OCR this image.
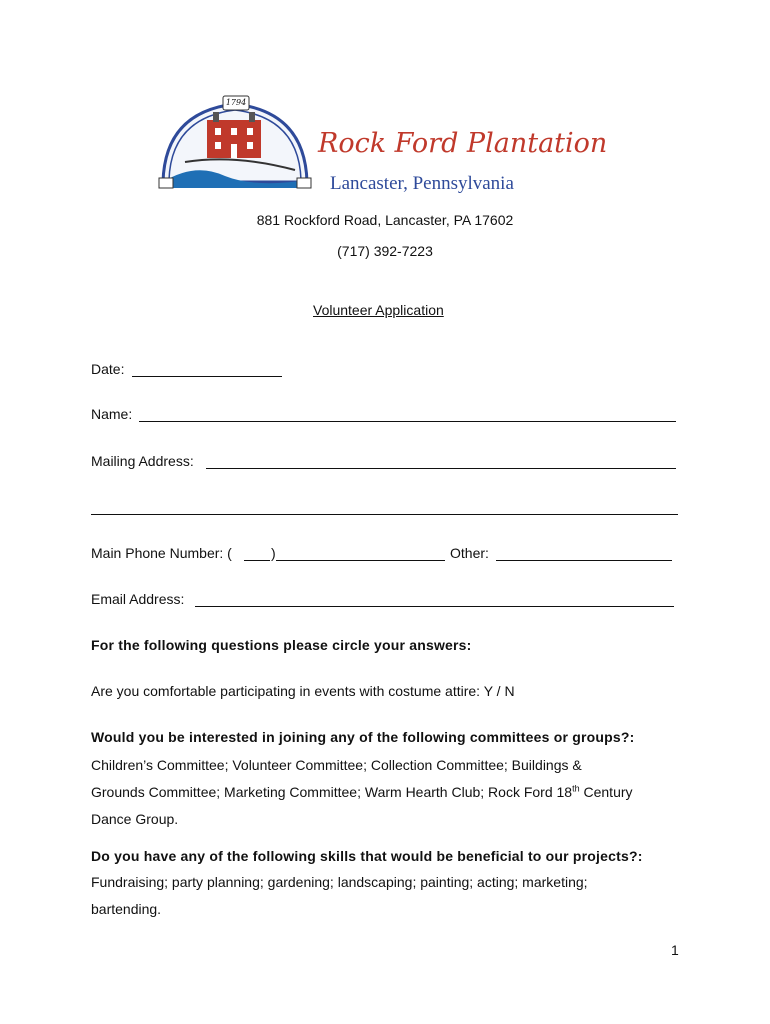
1794
Rock Ford Plantation
Lancaster, Pennsylvania
881 Rockford Road, Lancaster, PA 17602
(717) 392-7223
Volunteer Application
Date:
Name:
Mailing Address:
Main Phone Number: (	)	Other:
Email Address:
For the following questions please circle your answers:
Are you comfortable participating in events with costume attire: Y / N
Would you be interested in joining any of the following committees or groups?:
Children’s Committee; Volunteer Committee; Collection Committee; Buildings &
Grounds Committee; Marketing Committee; Warm Hearth Club; Rock Ford 18th Century
Dance Group.
Do you have any of the following skills that would be beneficial to our projects?:
Fundraising; party planning; gardening; landscaping; painting; acting; marketing;
bartending.
1
